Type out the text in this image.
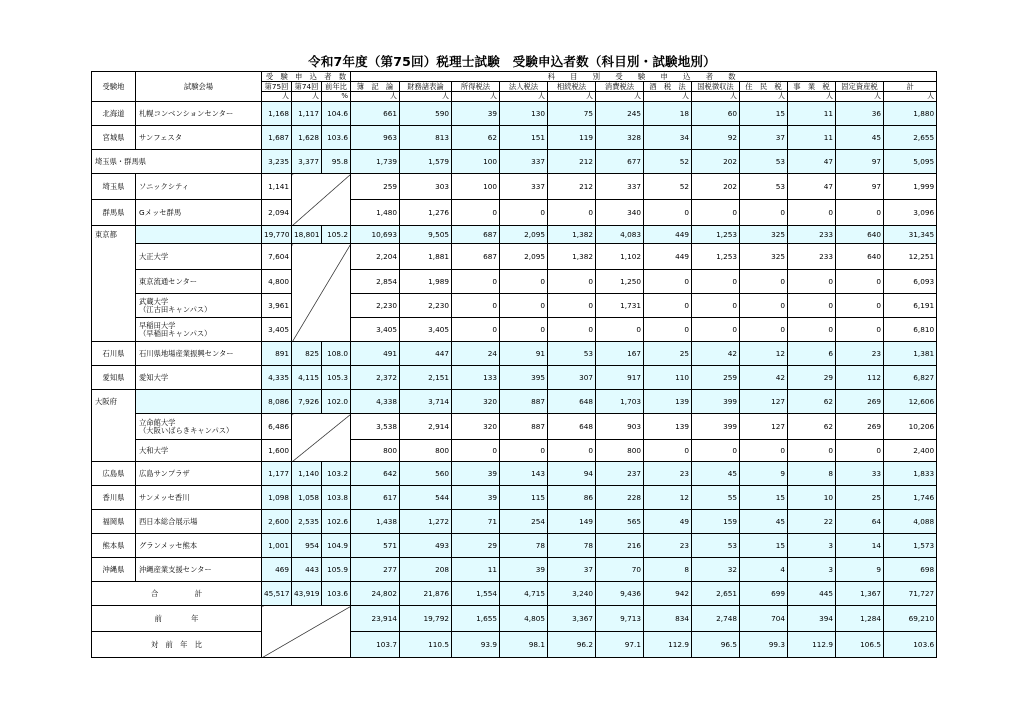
令和7年度（第75回）税理士試験　受験申込者数（科目別・試験地別）
受験地	試験会場	受　験　申　込　者　数			科　目　別　受　験　申　込　者　数											
		第75回	第74回	前年比	簿　記　論	財務諸表論	所得税法	法人税法	相続税法	消費税法	酒　税　法	国税徴収法	住　民　税	事　業　税	固定資産税	計
		人	人	%	人	人	人	人	人	人	人	人	人	人	人	人
北海道	札幌コンベンションセンター	1,168	1,117	104.6	661	590	39	130	75	245	18	60	15	11	36	1,880
宮城県	サンフェスタ	1,687	1,628	103.6	963	813	62	151	119	328	34	92	37	11	45	2,655
埼玉県・群馬県		3,235	3,377	95.8	1,739	1,579	100	337	212	677	52	202	53	47	97	5,095
埼玉県	ソニックシティ	1,141			259	303	100	337	212	337	52	202	53	47	97	1,999
群馬県	Gメッセ群馬	2,094			1,480	1,276	0	0	0	340	0	0	0	0	0	3,096
東京都		19,770	18,801	105.2	10,693	9,505	687	2,095	1,382	4,083	449	1,253	325	233	640	31,345
	大正大学	7,604			2,204	1,881	687	2,095	1,382	1,102	449	1,253	325	233	640	12,251
	東京流通センター	4,800			2,854	1,989	0	0	0	1,250	0	0	0	0	0	6,093
	武蔵大学
（江古田キャンパス）	3,961			2,230	2,230	0	0	0	1,731	0	0	0	0	0	6,191
	早稲田大学
（早稲田キャンパス）	3,405			3,405	3,405	0	0	0	0	0	0	0	0	0	6,810
石川県	石川県地場産業振興センター	891	825	108.0	491	447	24	91	53	167	25	42	12	6	23	1,381
愛知県	愛知大学	4,335	4,115	105.3	2,372	2,151	133	395	307	917	110	259	42	29	112	6,827
大阪府		8,086	7,926	102.0	4,338	3,714	320	887	648	1,703	139	399	127	62	269	12,606
	立命館大学
（大阪いばらきキャンパス）	6,486			3,538	2,914	320	887	648	903	139	399	127	62	269	10,206
	大和大学	1,600			800	800	0	0	0	800	0	0	0	0	0	2,400
広島県	広島サンプラザ	1,177	1,140	103.2	642	560	39	143	94	237	23	45	9	8	33	1,833
香川県	サンメッセ香川	1,098	1,058	103.8	617	544	39	115	86	228	12	55	15	10	25	1,746
福岡県	西日本総合展示場	2,600	2,535	102.6	1,438	1,272	71	254	149	565	49	159	45	22	64	4,088
熊本県	グランメッセ熊本	1,001	954	104.9	571	493	29	78	78	216	23	53	15	3	14	1,573
沖縄県	沖縄産業支援センター	469	443	105.9	277	208	11	39	37	70	8	32	4	3	9	698
合　　　　　計		45,517	43,919	103.6	24,802	21,876	1,554	4,715	3,240	9,436	942	2,651	699	445	1,367	71,727
前　　　　年					23,914	19,792	1,655	4,805	3,367	9,713	834	2,748	704	394	1,284	69,210
対　前　年　比					103.7	110.5	93.9	98.1	96.2	97.1	112.9	96.5	99.3	112.9	106.5	103.6
